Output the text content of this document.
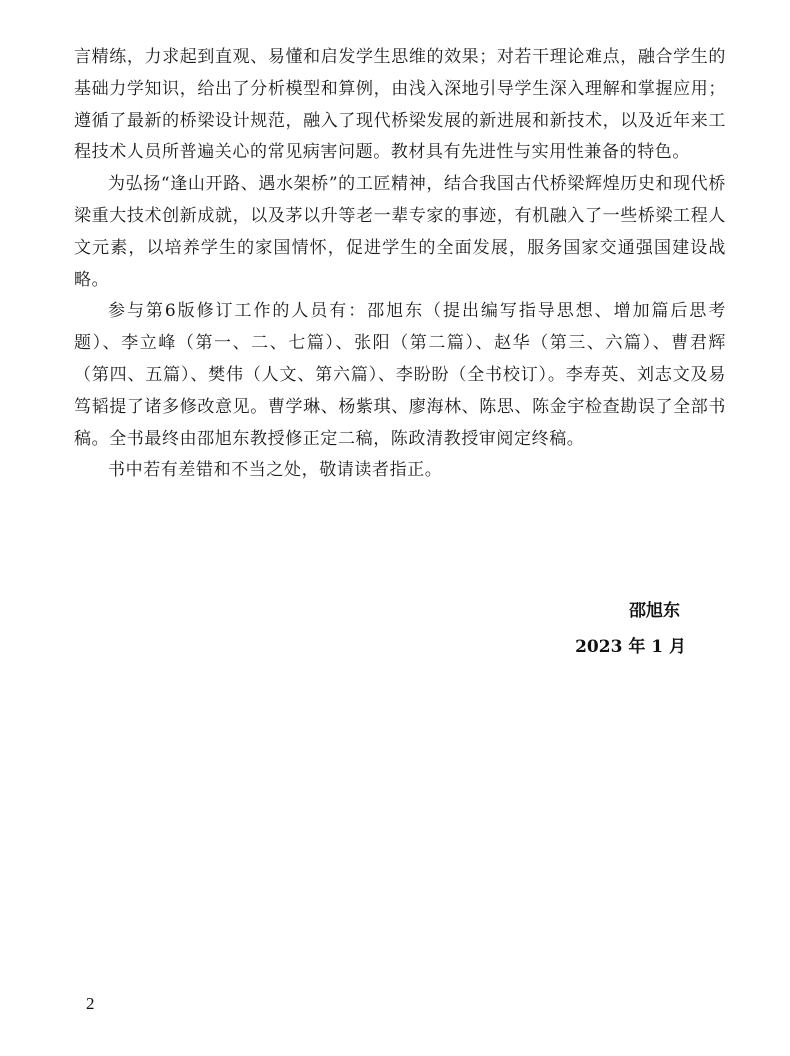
言精练，力求起到直观、易懂和启发学生思维的效果；对若干理论难点，融合学生的基础力学知识，给出了分析模型和算例，由浅入深地引导学生深入理解和掌握应用；遵循了最新的桥梁设计规范，融入了现代桥梁发展的新进展和新技术，以及近年来工程技术人员所普遍关心的常见病害问题。教材具有先进性与实用性兼备的特色。

为弘扬“逢山开路、遇水架桥”的工匠精神，结合我国古代桥梁辉煌历史和现代桥梁重大技术创新成就，以及茅以升等老一辈专家的事迹，有机融入了一些桥梁工程人文元素，以培养学生的家国情怀，促进学生的全面发展，服务国家交通强国建设战略。

参与第6版修订工作的人员有：邵旭东（提出编写指导思想、增加篇后思考题）、李立峰（第一、二、七篇）、张阳（第二篇）、赵华（第三、六篇）、曹君辉（第四、五篇）、樊伟（人文、第六篇）、李盼盼（全书校订）。李寿英、刘志文及易笃韬提了诸多修改意见。曹学琳、杨紫琪、廖海林、陈思、陈金宇检查勘误了全部书稿。全书最终由邵旭东教授修正定二稿，陈政清教授审阅定终稿。

书中若有差错和不当之处，敬请读者指正。

邵旭东
2023 年 1 月
2
